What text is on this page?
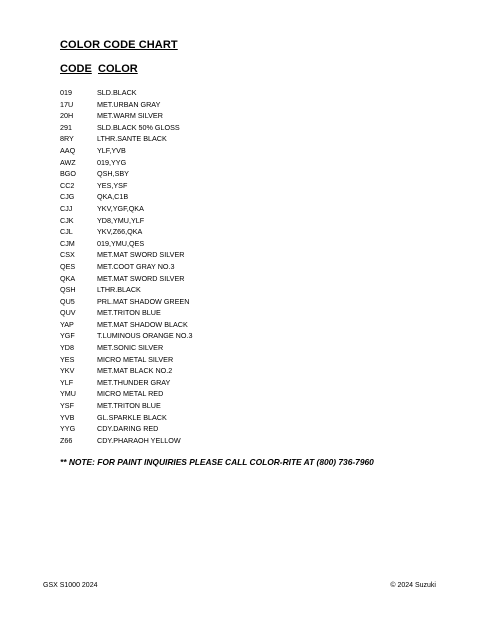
COLOR CODE CHART
CODE COLOR
019	SLD.BLACK
17U	MET.URBAN GRAY
20H	MET.WARM SILVER
291	SLD.BLACK 50% GLOSS
8RY	LTHR.SANTE BLACK
AAQ	YLF,YVB
AWZ	019,YYG
BGO	QSH,SBY
CC2	YES,YSF
CJG	QKA,C1B
CJJ	YKV,YGF,QKA
CJK	YD8,YMU,YLF
CJL	YKV,Z66,QKA
CJM	019,YMU,QES
CSX	MET.MAT SWORD SILVER
QES	MET.COOT GRAY NO.3
QKA	MET.MAT SWORD SILVER
QSH	LTHR.BLACK
QU5	PRL.MAT SHADOW GREEN
QUV	MET.TRITON BLUE
YAP	MET.MAT SHADOW BLACK
YGF	T.LUMINOUS ORANGE NO.3
YD8	MET.SONIC SILVER
YES	MICRO METAL SILVER
YKV	MET.MAT BLACK NO.2
YLF	MET.THUNDER GRAY
YMU	MICRO METAL RED
YSF	MET.TRITON BLUE
YVB	GL.SPARKLE BLACK
YYG	CDY.DARING RED
Z66	CDY.PHARAOH YELLOW
** NOTE: FOR PAINT INQUIRIES PLEASE CALL COLOR-RITE AT (800) 736-7960
GSX S1000 2024	© 2024 Suzuki
